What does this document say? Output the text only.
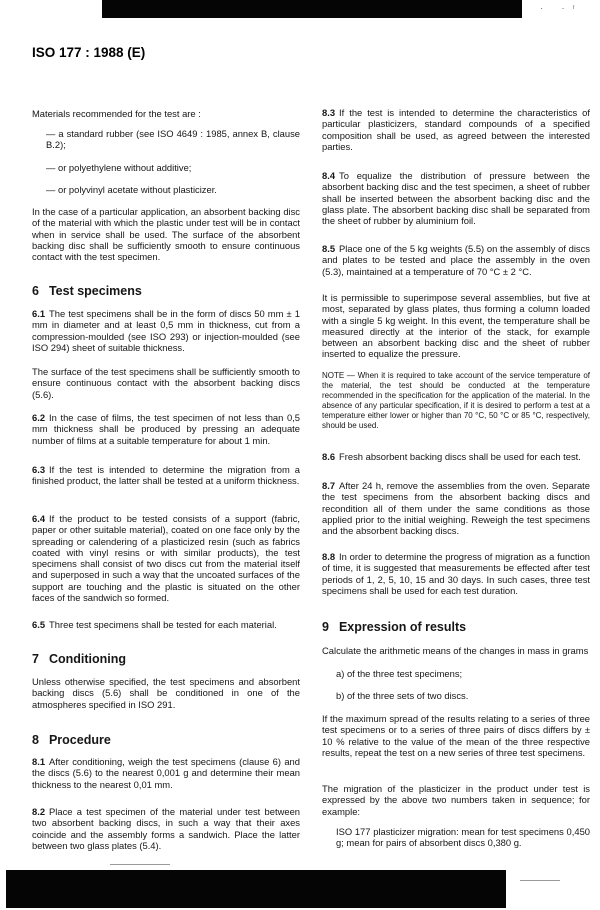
· ·ʳ
ISO 177 : 1988 (E)

Materials recommended for the test are :

— a standard rubber (see ISO 4649 : 1985, annex B, clause B.2);

— or polyethylene without additive;

— or polyvinyl acetate without plasticizer.

In the case of a particular application, an absorbent backing disc of the material with which the plastic under test will be in contact when in service shall be used. The surface of the absorbent backing disc shall be sufficiently smooth to ensure continuous contact with the test specimen.

6 Test specimens

6.1 The test specimens shall be in the form of discs 50 mm ± 1 mm in diameter and at least 0,5 mm in thickness, cut from a compression-moulded (see ISO 293) or injection-moulded (see ISO 294) sheet of suitable thickness.

The surface of the test specimens shall be sufficiently smooth to ensure continuous contact with the absorbent backing discs (5.6).

6.2 In the case of films, the test specimen of not less than 0,5 mm thickness shall be produced by pressing an adequate number of films at a suitable temperature for about 1 min.

6.3 If the test is intended to determine the migration from a finished product, the latter shall be tested at a uniform thickness.

6.4 If the product to be tested consists of a support (fabric, paper or other suitable material), coated on one face only by the spreading or calendering of a plasticized resin (such as fabrics coated with vinyl resins or with similar products), the test specimens shall consist of two discs cut from the material itself and superposed in such a way that the uncoated surfaces of the support are touching and the plastic is situated on the other faces of the sandwich so formed.

6.5 Three test specimens shall be tested for each material.

7 Conditioning

Unless otherwise specified, the test specimens and absorbent backing discs (5.6) shall be conditioned in one of the atmospheres specified in ISO 291.

8 Procedure

8.1 After conditioning, weigh the test specimens (clause 6) and the discs (5.6) to the nearest 0,001 g and determine their mean thickness to the nearest 0,01 mm.

8.2 Place a test specimen of the material under test between two absorbent backing discs, in such a way that their axes coincide and the assembly forms a sandwich. Place the latter between two glass plates (5.4).

8.3 If the test is intended to determine the characteristics of particular plasticizers, standard compounds of a specified composition shall be used, as agreed between the interested parties.

8.4 To equalize the distribution of pressure between the absorbent backing disc and the test specimen, a sheet of rubber shall be inserted between the absorbent backing disc and the glass plate. The absorbent backing disc shall be separated from the sheet of rubber by aluminium foil.

8.5 Place one of the 5 kg weights (5.5) on the assembly of discs and plates to be tested and place the assembly in the oven (5.3), maintained at a temperature of 70 °C ± 2 °C.

It is permissible to superimpose several assemblies, but five at most, separated by glass plates, thus forming a column loaded with a single 5 kg weight. In this event, the temperature shall be measured directly at the interior of the stack, for example between an absorbent backing disc and the sheet of rubber inserted to equalize the pressure.

NOTE — When it is required to take account of the service temperature of the material, the test should be conducted at the temperature recommended in the specification for the application of the material. In the absence of any particular specification, if it is desired to perform a test at a temperature either lower or higher than 70 °C, 50 °C or 85 °C, respectively, should be used.

8.6 Fresh absorbent backing discs shall be used for each test.

8.7 After 24 h, remove the assemblies from the oven. Separate the test specimens from the absorbent backing discs and recondition all of them under the same conditions as those applied prior to the initial weighing. Reweigh the test specimens and the absorbent backing discs.

8.8 In order to determine the progress of migration as a function of time, it is suggested that measurements be effected after test periods of 1, 2, 5, 10, 15 and 30 days. In such cases, three test specimens shall be used for each test duration.

9 Expression of results

Calculate the arithmetic means of the changes in mass in grams

a) of the three test specimens;

b) of the three sets of two discs.

If the maximum spread of the results relating to a series of three test specimens or to a series of three pairs of discs differs by ± 10 % relative to the value of the mean of the three respective results, repeat the test on a new series of three test specimens.

The migration of the plasticizer in the product under test is expressed by the above two numbers taken in sequence; for example:

ISO 177 plasticizer migration: mean for test specimens 0,450 g; mean for pairs of absorbent discs 0,380 g.
